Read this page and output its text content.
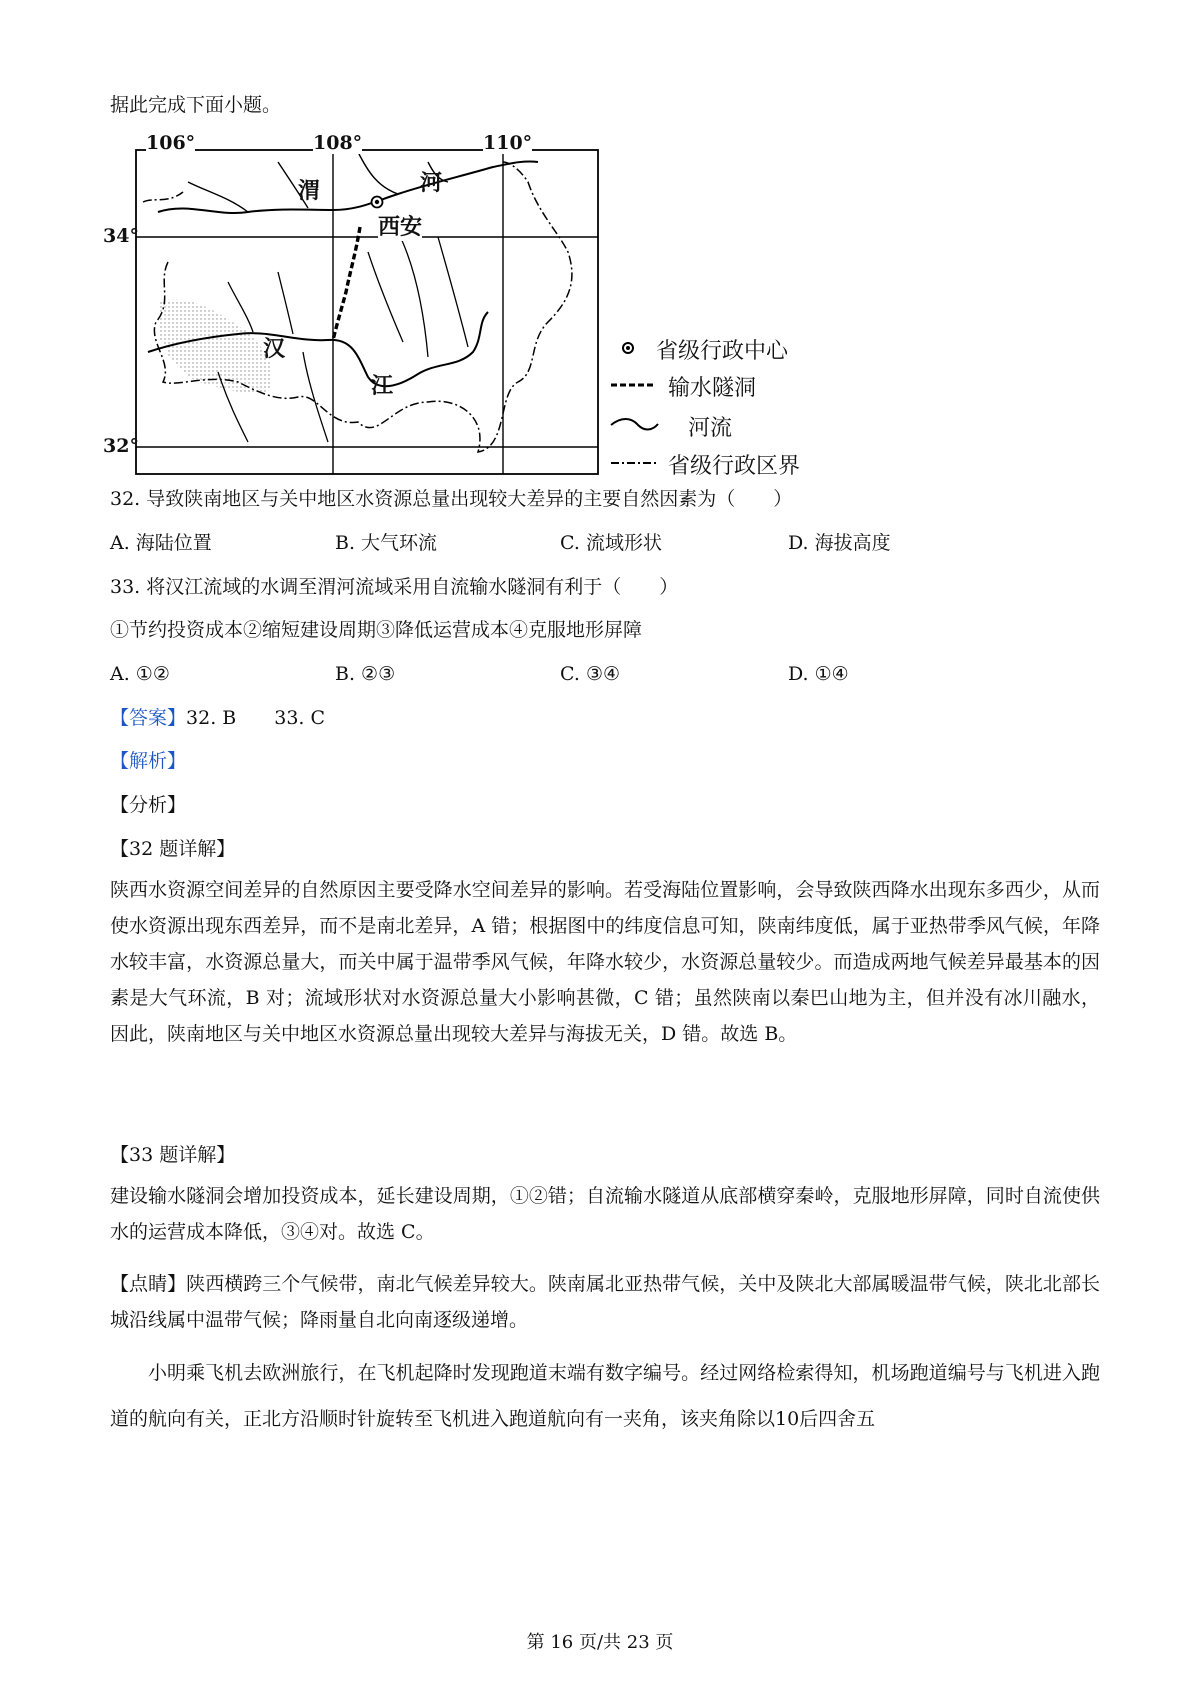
据此完成下面小题。
106°	108°	110°
34°
32°
渭	河
西安
汉
江
省级行政中心
输水隧洞
河流
省级行政区界
32. 导致陕南地区与关中地区水资源总量出现较大差异的主要自然因素为（　　）
A. 海陆位置	B. 大气环流	C. 流域形状	D. 海拔高度
33. 将汉江流域的水调至渭河流域采用自流输水隧洞有利于（　　）
①节约投资成本②缩短建设周期③降低运营成本④克服地形屏障
A. ①②	B. ②③	C. ③④	D. ①④
【答案】32. B　　33. C
【解析】
【分析】
【32 题详解】
陕西水资源空间差异的自然原因主要受降水空间差异的影响。若受海陆位置影响，会导致陕西降水出现东多西少，从而使水资源出现东西差异，而不是南北差异，A 错；根据图中的纬度信息可知，陕南纬度低，属于亚热带季风气候，年降水较丰富，水资源总量大，而关中属于温带季风气候，年降水较少，水资源总量较少。而造成两地气候差异最基本的因素是大气环流，B 对；流域形状对水资源总量大小影响甚微，C 错；虽然陕南以秦巴山地为主，但并没有冰川融水，因此，陕南地区与关中地区水资源总量出现较大差异与海拔无关，D 错。故选 B。
【33 题详解】
建设输水隧洞会增加投资成本，延长建设周期，①②错；自流输水隧道从底部横穿秦岭，克服地形屏障，同时自流使供水的运营成本降低，③④对。故选 C。
【点睛】陕西横跨三个气候带，南北气候差异较大。陕南属北亚热带气候，关中及陕北大部属暖温带气候，陕北北部长城沿线属中温带气候；降雨量自北向南逐级递增。
小明乘飞机去欧洲旅行，在飞机起降时发现跑道末端有数字编号。经过网络检索得知，机场跑道编号与飞机进入跑道的航向有关，正北方沿顺时针旋转至飞机进入跑道航向有一夹角，该夹角除以10后四舍五
第 16 页/共 23 页
